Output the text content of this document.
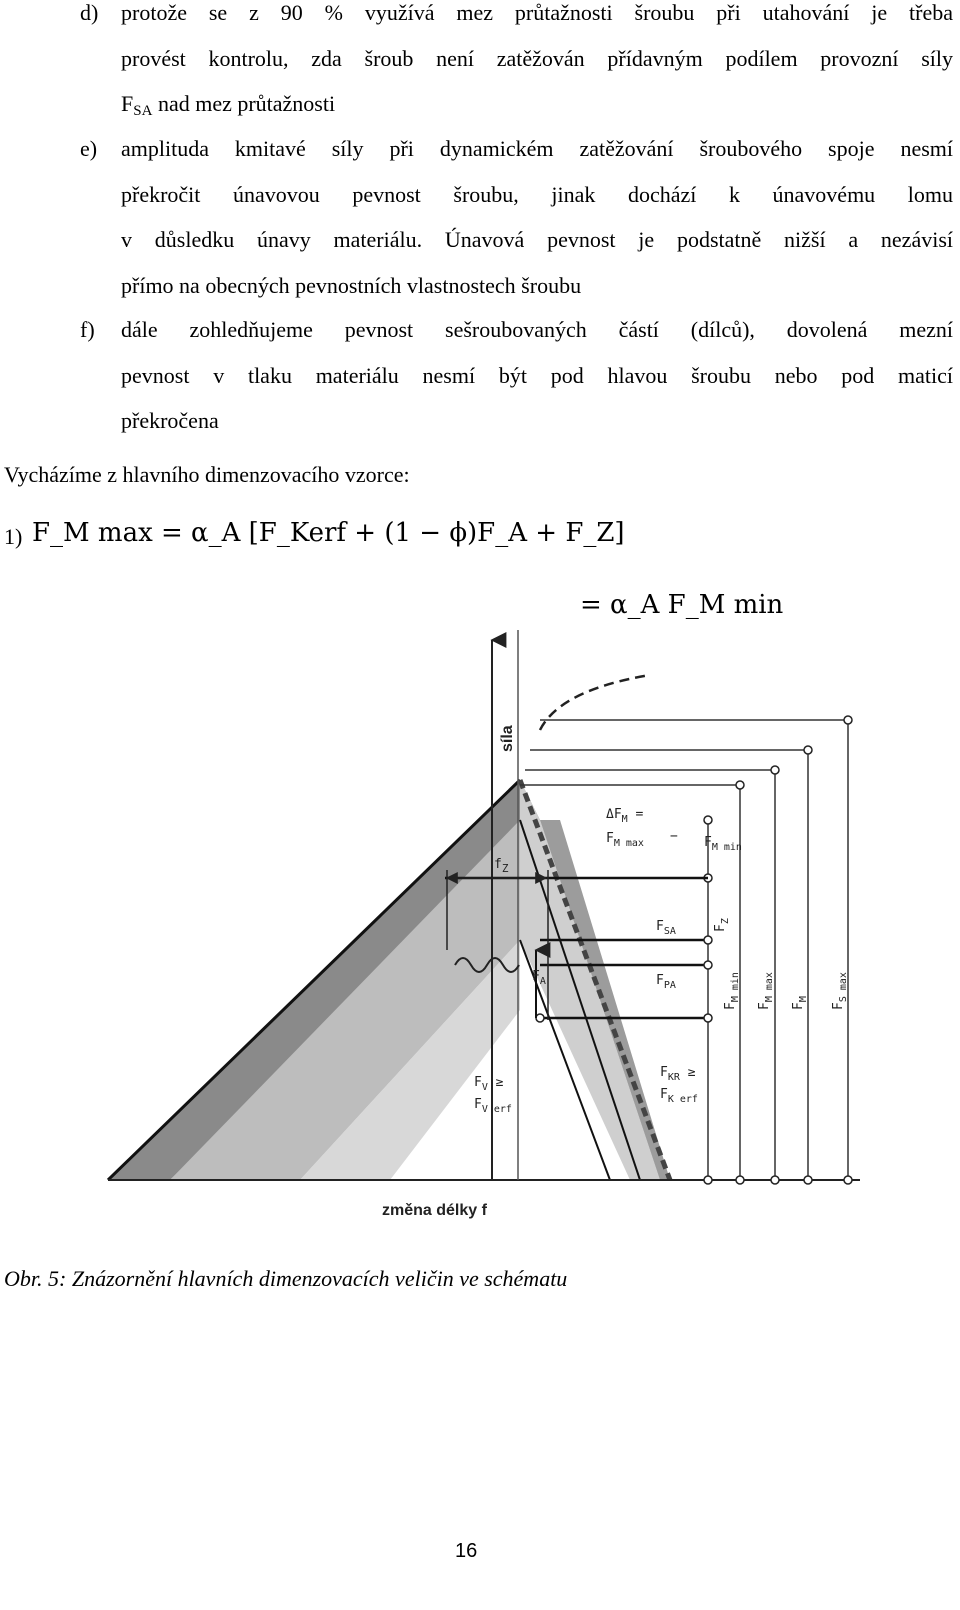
d) protože se z 90 % využívá mez průtažnosti šroubu při utahování je třeba
provést kontrolu, zda šroub není zatěžován přídavným podílem provozní síly
$F_{SA}$ nad mez průtažnosti
e) amplituda kmitavé síly při dynamickém zatěžování šroubového spoje nesmí
překročit únavovou pevnost šroubu, jinak dochází k únavovému lomu
v důsledku únavy materiálu. Únavová pevnost je podstatně nižší a nezávisí
přímo na obecných pevnostních vlastnostech šroubu
f) dále zohledňujeme pevnost sešroubovaných částí (dílců), dovolená mezní
pevnost v tlaku materiálu nesmí být pod hlavou šroubu nebo pod maticí
překročena
Vycházíme z hlavního dimenzovacího vzorce:
1) F_M max = α_A [F_Kerf + (1 − ϕ)F_A + F_Z]
= α_A F_M min
síla
změna délky f
$\Delta F_M$ =
$F_{M max} - F_{M min}$
$f_Z$
$F_{SA}$
$F_{PA}$
$F_A$
$F_Z$
$F_V$ ≥
$F_{V erf}$
$F_{KR}$ ≥
$F_{K erf}$
$F_{M min}$
$F_{M max}$
$F_M$
$F_{S max}$
Obr. 5: Znázornění hlavních dimenzovacích veličin ve schématu
16
